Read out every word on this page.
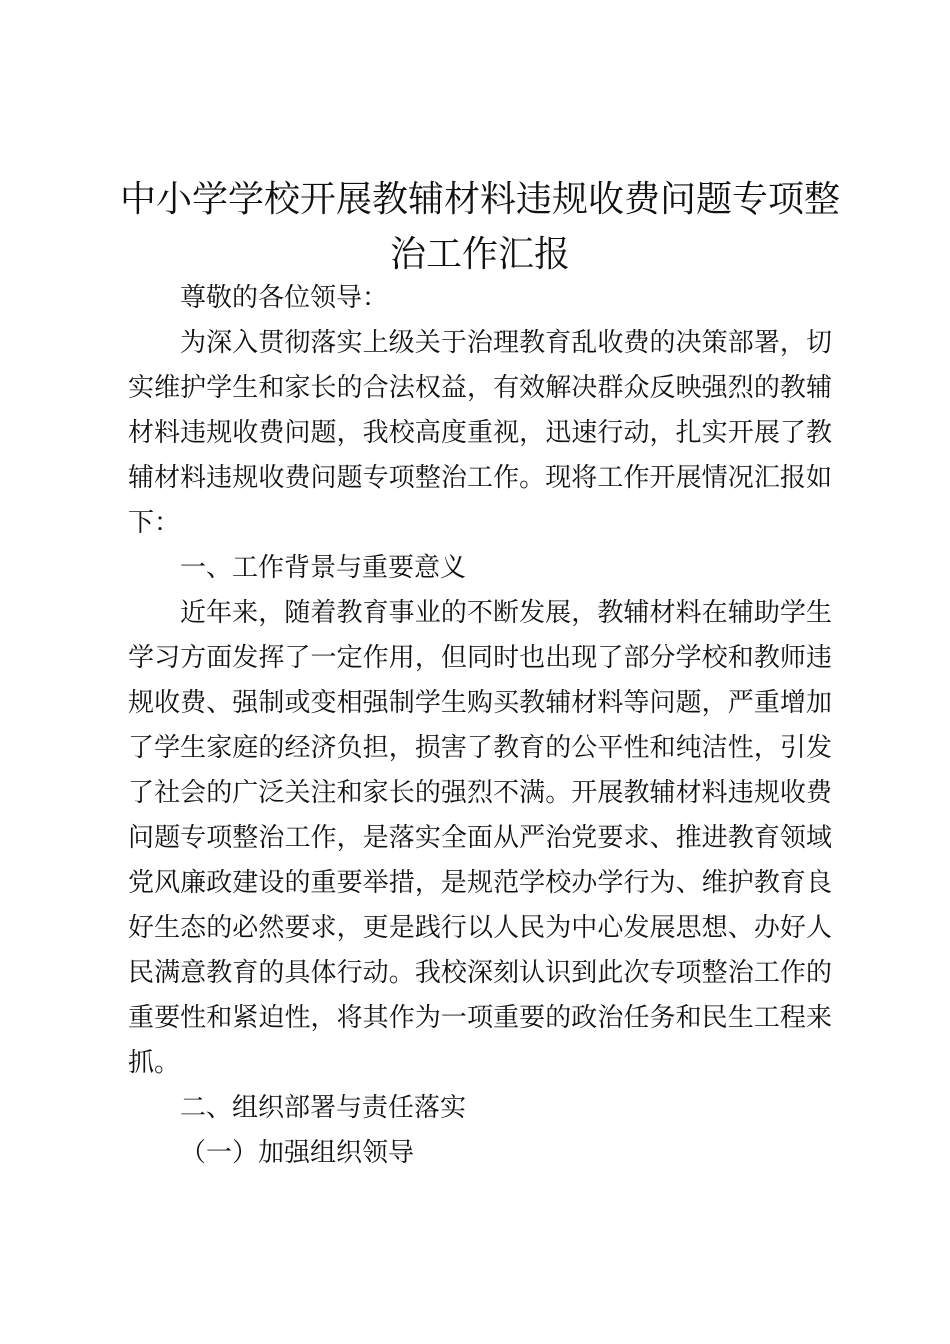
中小学学校开展教辅材料违规收费问题专项整治工作汇报

尊敬的各位领导：

为深入贯彻落实上级关于治理教育乱收费的决策部署，切实维护学生和家长的合法权益，有效解决群众反映强烈的教辅材料违规收费问题，我校高度重视，迅速行动，扎实开展了教辅材料违规收费问题专项整治工作。现将工作开展情况汇报如下：

一、工作背景与重要意义

近年来，随着教育事业的不断发展，教辅材料在辅助学生学习方面发挥了一定作用，但同时也出现了部分学校和教师违规收费、强制或变相强制学生购买教辅材料等问题，严重增加了学生家庭的经济负担，损害了教育的公平性和纯洁性，引发了社会的广泛关注和家长的强烈不满。开展教辅材料违规收费问题专项整治工作，是落实全面从严治党要求、推进教育领域党风廉政建设的重要举措，是规范学校办学行为、维护教育良好生态的必然要求，更是践行以人民为中心发展思想、办好人民满意教育的具体行动。我校深刻认识到此次专项整治工作的重要性和紧迫性，将其作为一项重要的政治任务和民生工程来抓。

二、组织部署与责任落实

（一）加强组织领导
